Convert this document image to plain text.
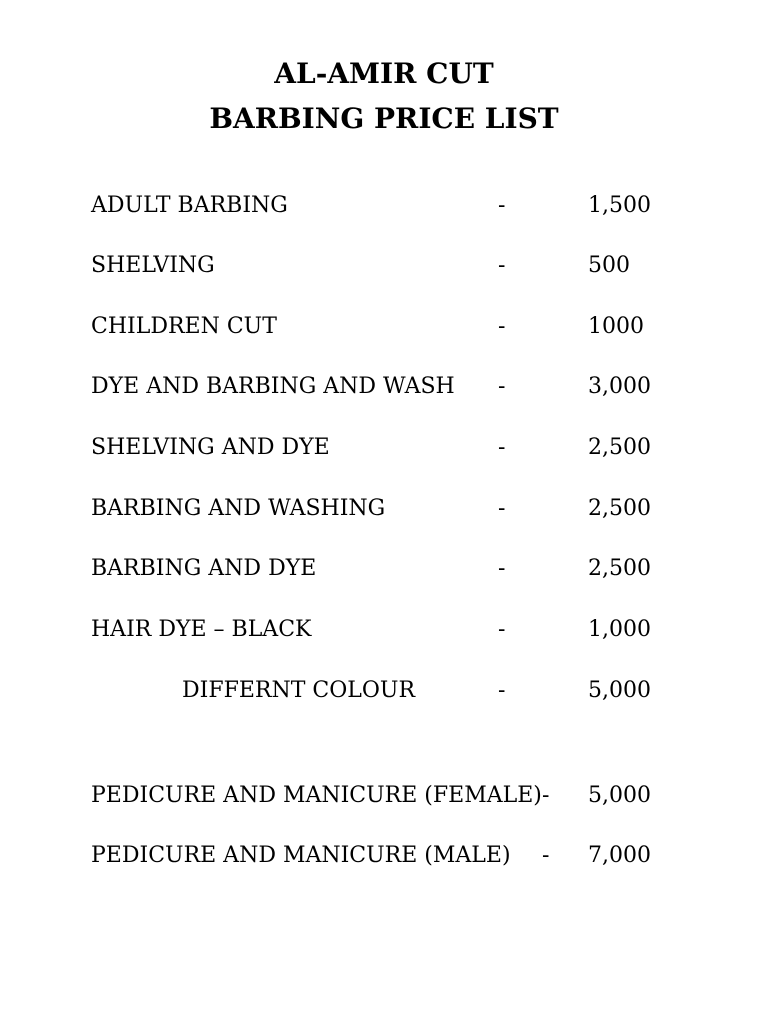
AL-AMIR CUT
BARBING PRICE LIST
ADULT BARBING	-	1,500
SHELVING	-	500
CHILDREN CUT	-	1000
DYE AND BARBING AND WASH -	3,000
SHELVING AND DYE	-	2,500
BARBING AND WASHING	-	2,500
BARBING AND DYE	-	2,500
HAIR DYE – BLACK	-	1,000
DIFFERNT COLOUR	-	5,000
PEDICURE AND MANICURE (FEMALE) - 5,000
PEDICURE AND MANICURE (MALE) - 7,000
